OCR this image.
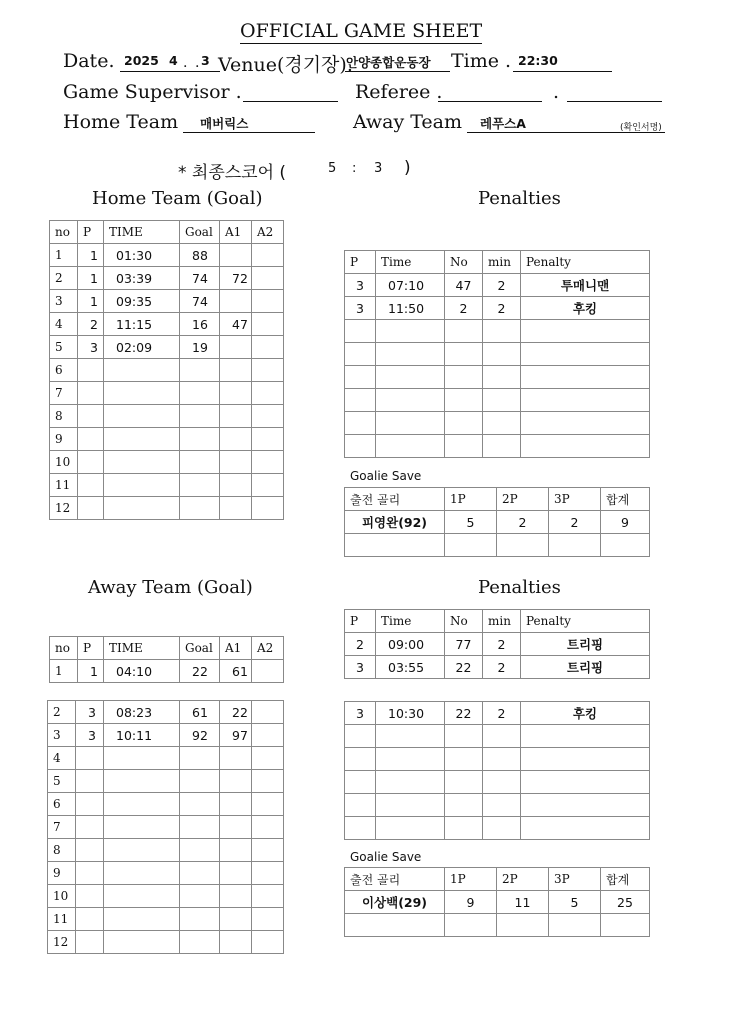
OFFICIAL GAME SHEET
Date. 2025 4 . . 3 Venue(경기장).
안양종합운동장 Time . 22:30
Game Supervisor .	Referee .	.
Home Team 매버릭스	Away Team 레푸스A	(확인서명)
* 최종스코어 (	5 : 3 )
Home Team (Goal)	Penalties
Away Team (Goal)	Penalties
Goalie Save
Goalie Save
no	P	TIME	Goal	A1	A2
1	1	01:30	88		
2	1	03:39	74	72	
3	1	09:35	74		
4	2	11:15	16	47	
5	3	02:09	19		
6					
7					
8					
9					
10					
11					
12					
no	P	TIME	Goal	A1	A2
1	1	04:10	22	61	
2	3	08:23	61	22	
3	3	10:11	92	97	
4					
5					
6					
7					
8					
9					
10					
11					
12					
P	Time	No	min	Penalty
3	07:10	47	2	투매니맨
3	11:50	2	2	후킹

P	Time	No	min	Penalty
2	09:00	77	2	트리핑
3	03:55	22	2	트리핑
3	10:30	22	2	후킹

출전 골리	1P	2P	3P	합계
피영완(92)	5	2	2	9

출전 골리	1P	2P	3P	합계
이상백(29)	9	11	5	25
